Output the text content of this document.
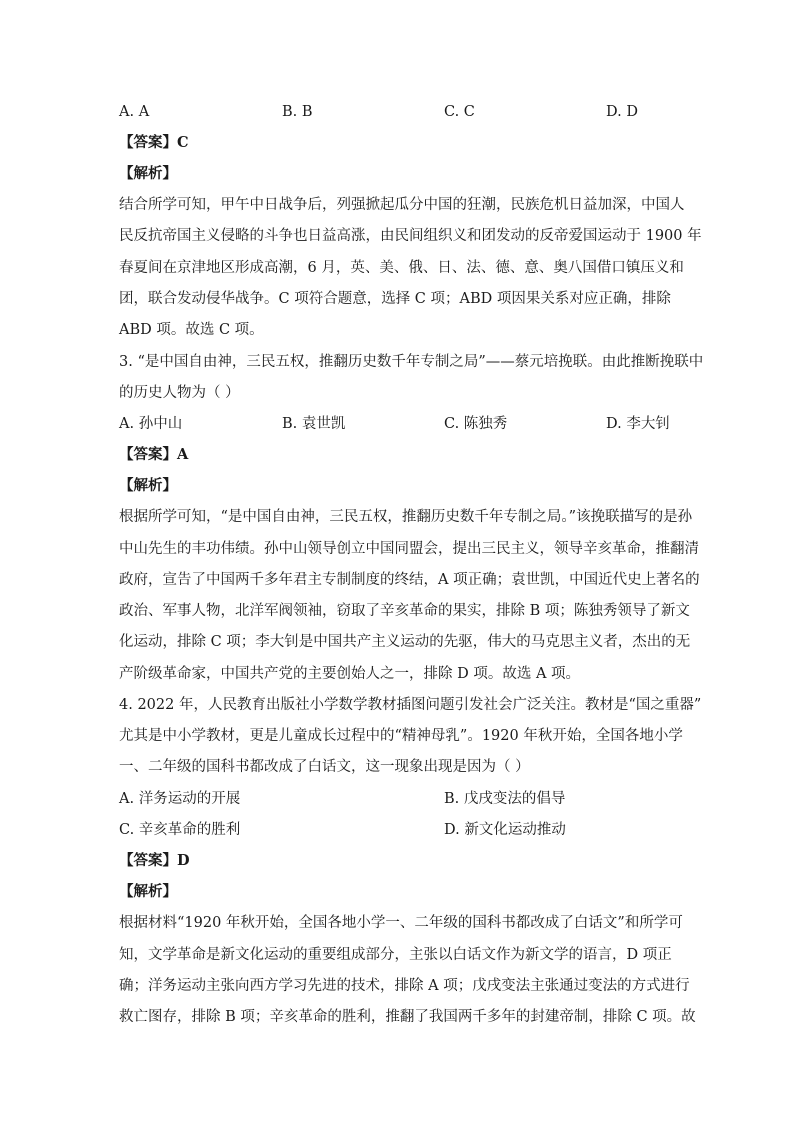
A. A	B. B	C. C	D. D
【答案】C
【解析】
结合所学可知，甲午中日战争后，列强掀起瓜分中国的狂潮，民族危机日益加深，中国人
民反抗帝国主义侵略的斗争也日益高涨，由民间组织义和团发动的反帝爱国运动于 1900 年
春夏间在京津地区形成高潮，6 月，英、美、俄、日、法、德、意、奥八国借口镇压义和
团，联合发动侵华战争。C 项符合题意，选择 C 项；ABD 项因果关系对应正确，排除
ABD 项。故选 C 项。
3. “是中国自由神，三民五权，推翻历史数千年专制之局”——蔡元培挽联。由此推断挽联中
的历史人物为（ ）
A. 孙中山	B. 袁世凯	C. 陈独秀	D. 李大钊
【答案】A
【解析】
根据所学可知，“是中国自由神，三民五权，推翻历史数千年专制之局。”该挽联描写的是孙
中山先生的丰功伟绩。孙中山领导创立中国同盟会，提出三民主义，领导辛亥革命，推翻清
政府，宣告了中国两千多年君主专制制度的终结，A 项正确；袁世凯，中国近代史上著名的
政治、军事人物，北洋军阀领袖，窃取了辛亥革命的果实，排除 B 项；陈独秀领导了新文
化运动，排除 C 项；李大钊是中国共产主义运动的先驱，伟大的马克思主义者，杰出的无
产阶级革命家，中国共产党的主要创始人之一，排除 D 项。故选 A 项。
4. 2022 年，人民教育出版社小学数学教材插图问题引发社会广泛关注。教材是“国之重器”
尤其是中小学教材，更是儿童成长过程中的“精神母乳”。1920 年秋开始，全国各地小学
一、二年级的国科书都改成了白话文，这一现象出现是因为（ ）
A. 洋务运动的开展	B. 戊戌变法的倡导
C. 辛亥革命的胜利	D. 新文化运动推动
【答案】D
【解析】
根据材料“1920 年秋开始，全国各地小学一、二年级的国科书都改成了白话文”和所学可
知，文学革命是新文化运动的重要组成部分，主张以白话文作为新文学的语言，D 项正
确；洋务运动主张向西方学习先进的技术，排除 A 项；戊戌变法主张通过变法的方式进行
救亡图存，排除 B 项；辛亥革命的胜利，推翻了我国两千多年的封建帝制，排除 C 项。故
